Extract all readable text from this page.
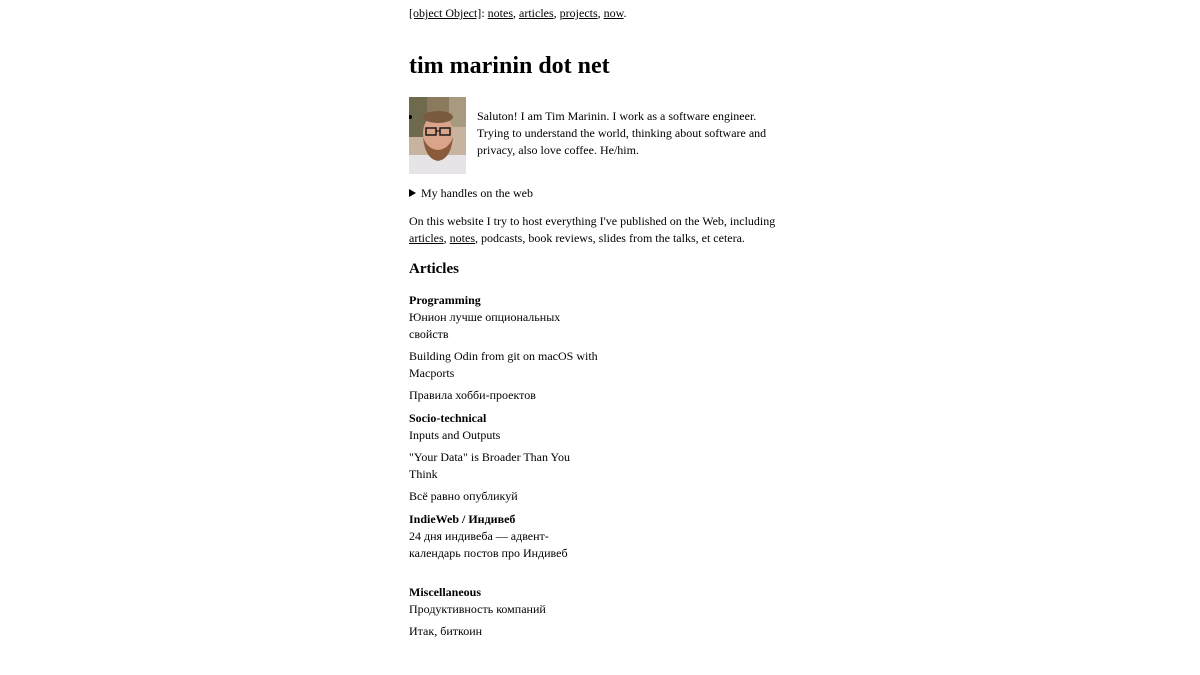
[object Object]: notes, articles, projects, now.
tim marinin dot net
Saluton! I am Tim Marinin. I work as a software engineer.
Trying to understand the world, thinking about software and privacy, also love coffee. He/him.
My handles on the web
On this website I try to host everything I've published on the Web, including articles, notes, podcasts, book reviews, slides from the talks, et cetera.
Articles
Programming
Юнион лучше опциональных свойств
Building Odin from git on macOS with Macports
Правила хобби-проектов
Socio-technical
Inputs and Outputs
"Your Data" is Broader Than You Think
Всё равно опубликуй
IndieWeb / Индивеб
24 дня индивеба — адвент-календарь постов про Индивеб
Miscellaneous
Продуктивность компаний
Итак, биткоин
